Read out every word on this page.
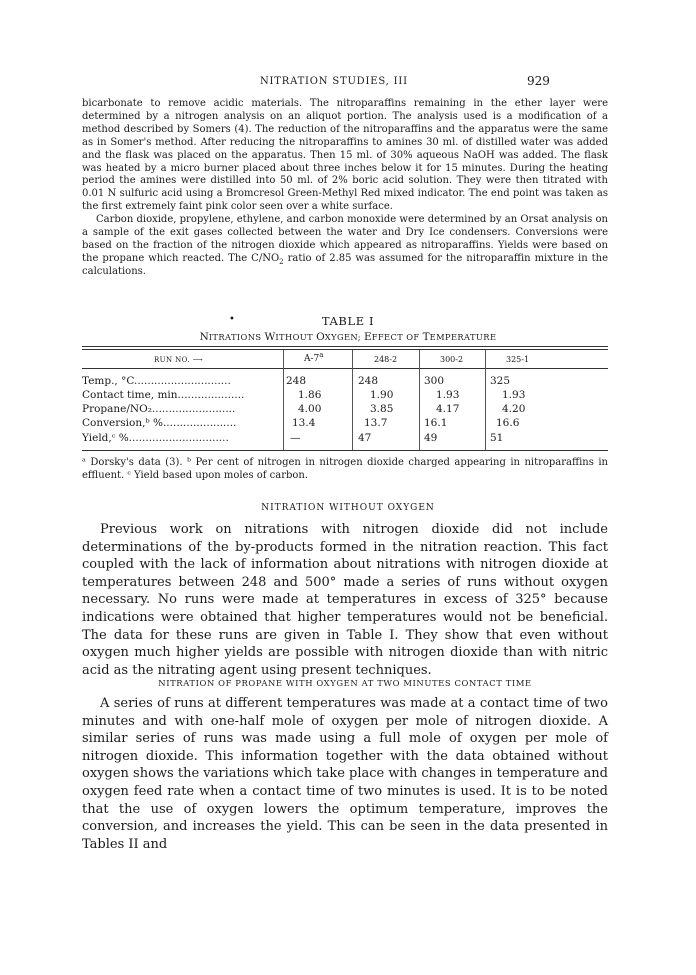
NITRATION STUDIES, III	929

bicarbonate to remove acidic materials. The nitroparaffins remaining in the ether layer were determined by a nitrogen analysis on an aliquot portion. The analysis used is a modification of a method described by Somers (4). The reduction of the nitroparaffins and the apparatus were the same as in Somer's method. After reducing the nitroparaffins to amines 30 ml. of distilled water was added and the flask was placed on the apparatus. Then 15 ml. of 30% aqueous NaOH was added. The flask was heated by a micro burner placed about three inches below it for 15 minutes. During the heating period the amines were distilled into 50 ml. of 2% boric acid solution. They were then titrated with 0.01 N sulfuric acid using a Bromcresol Green-Methyl Red mixed indicator. The end point was taken as the first extremely faint pink color seen over a white surface.

Carbon dioxide, propylene, ethylene, and carbon monoxide were determined by an Orsat analysis on a sample of the exit gases collected between the water and Dry Ice condensers. Conversions were based on the fraction of the nitrogen dioxide which appeared as nitroparaffins. Yields were based on the propane which reacted. The $C/NO_2$ ratio of 2.85 was assumed for the nitroparaffin mixture in the calculations.

•	TABLE I
NITRATIONS WITHOUT OXYGEN; EFFECT OF TEMPERATURE
RUN NO. ⟶	A-7$^a$	248-2	300-2	325-1
Temp., °C.............................	248	248	300	325
Contact time, min....................	1.86	1.90	1.93	1.93
Propane/NO₂.........................	4.00	3.85	4.17	4.20
Conversion,ᵇ %......................	13.4	13.7	16.1	16.6
Yield,ᶜ %..............................	—	47	49	51
ᵃ Dorsky's data (3). ᵇ Per cent of nitrogen in nitrogen dioxide charged appearing in nitroparaffins in effluent. ᶜ Yield based upon moles of carbon.
NITRATION WITHOUT OXYGEN

Previous work on nitrations with nitrogen dioxide did not include determinations of the by-products formed in the nitration reaction. This fact coupled with the lack of information about nitrations with nitrogen dioxide at temperatures between 248 and 500° made a series of runs without oxygen necessary. No runs were made at temperatures in excess of 325° because indications were obtained that higher temperatures would not be beneficial. The data for these runs are given in Table I. They show that even without oxygen much higher yields are possible with nitrogen dioxide than with nitric acid as the nitrating agent using present techniques.

NITRATION OF PROPANE WITH OXYGEN AT TWO MINUTES CONTACT TIME

A series of runs at different temperatures was made at a contact time of two minutes and with one-half mole of oxygen per mole of nitrogen dioxide. A similar series of runs was made using a full mole of oxygen per mole of nitrogen dioxide. This information together with the data obtained without oxygen shows the variations which take place with changes in temperature and oxygen feed rate when a contact time of two minutes is used. It is to be noted that the use of oxygen lowers the optimum temperature, improves the conversion, and increases the yield. This can be seen in the data presented in Tables II and
